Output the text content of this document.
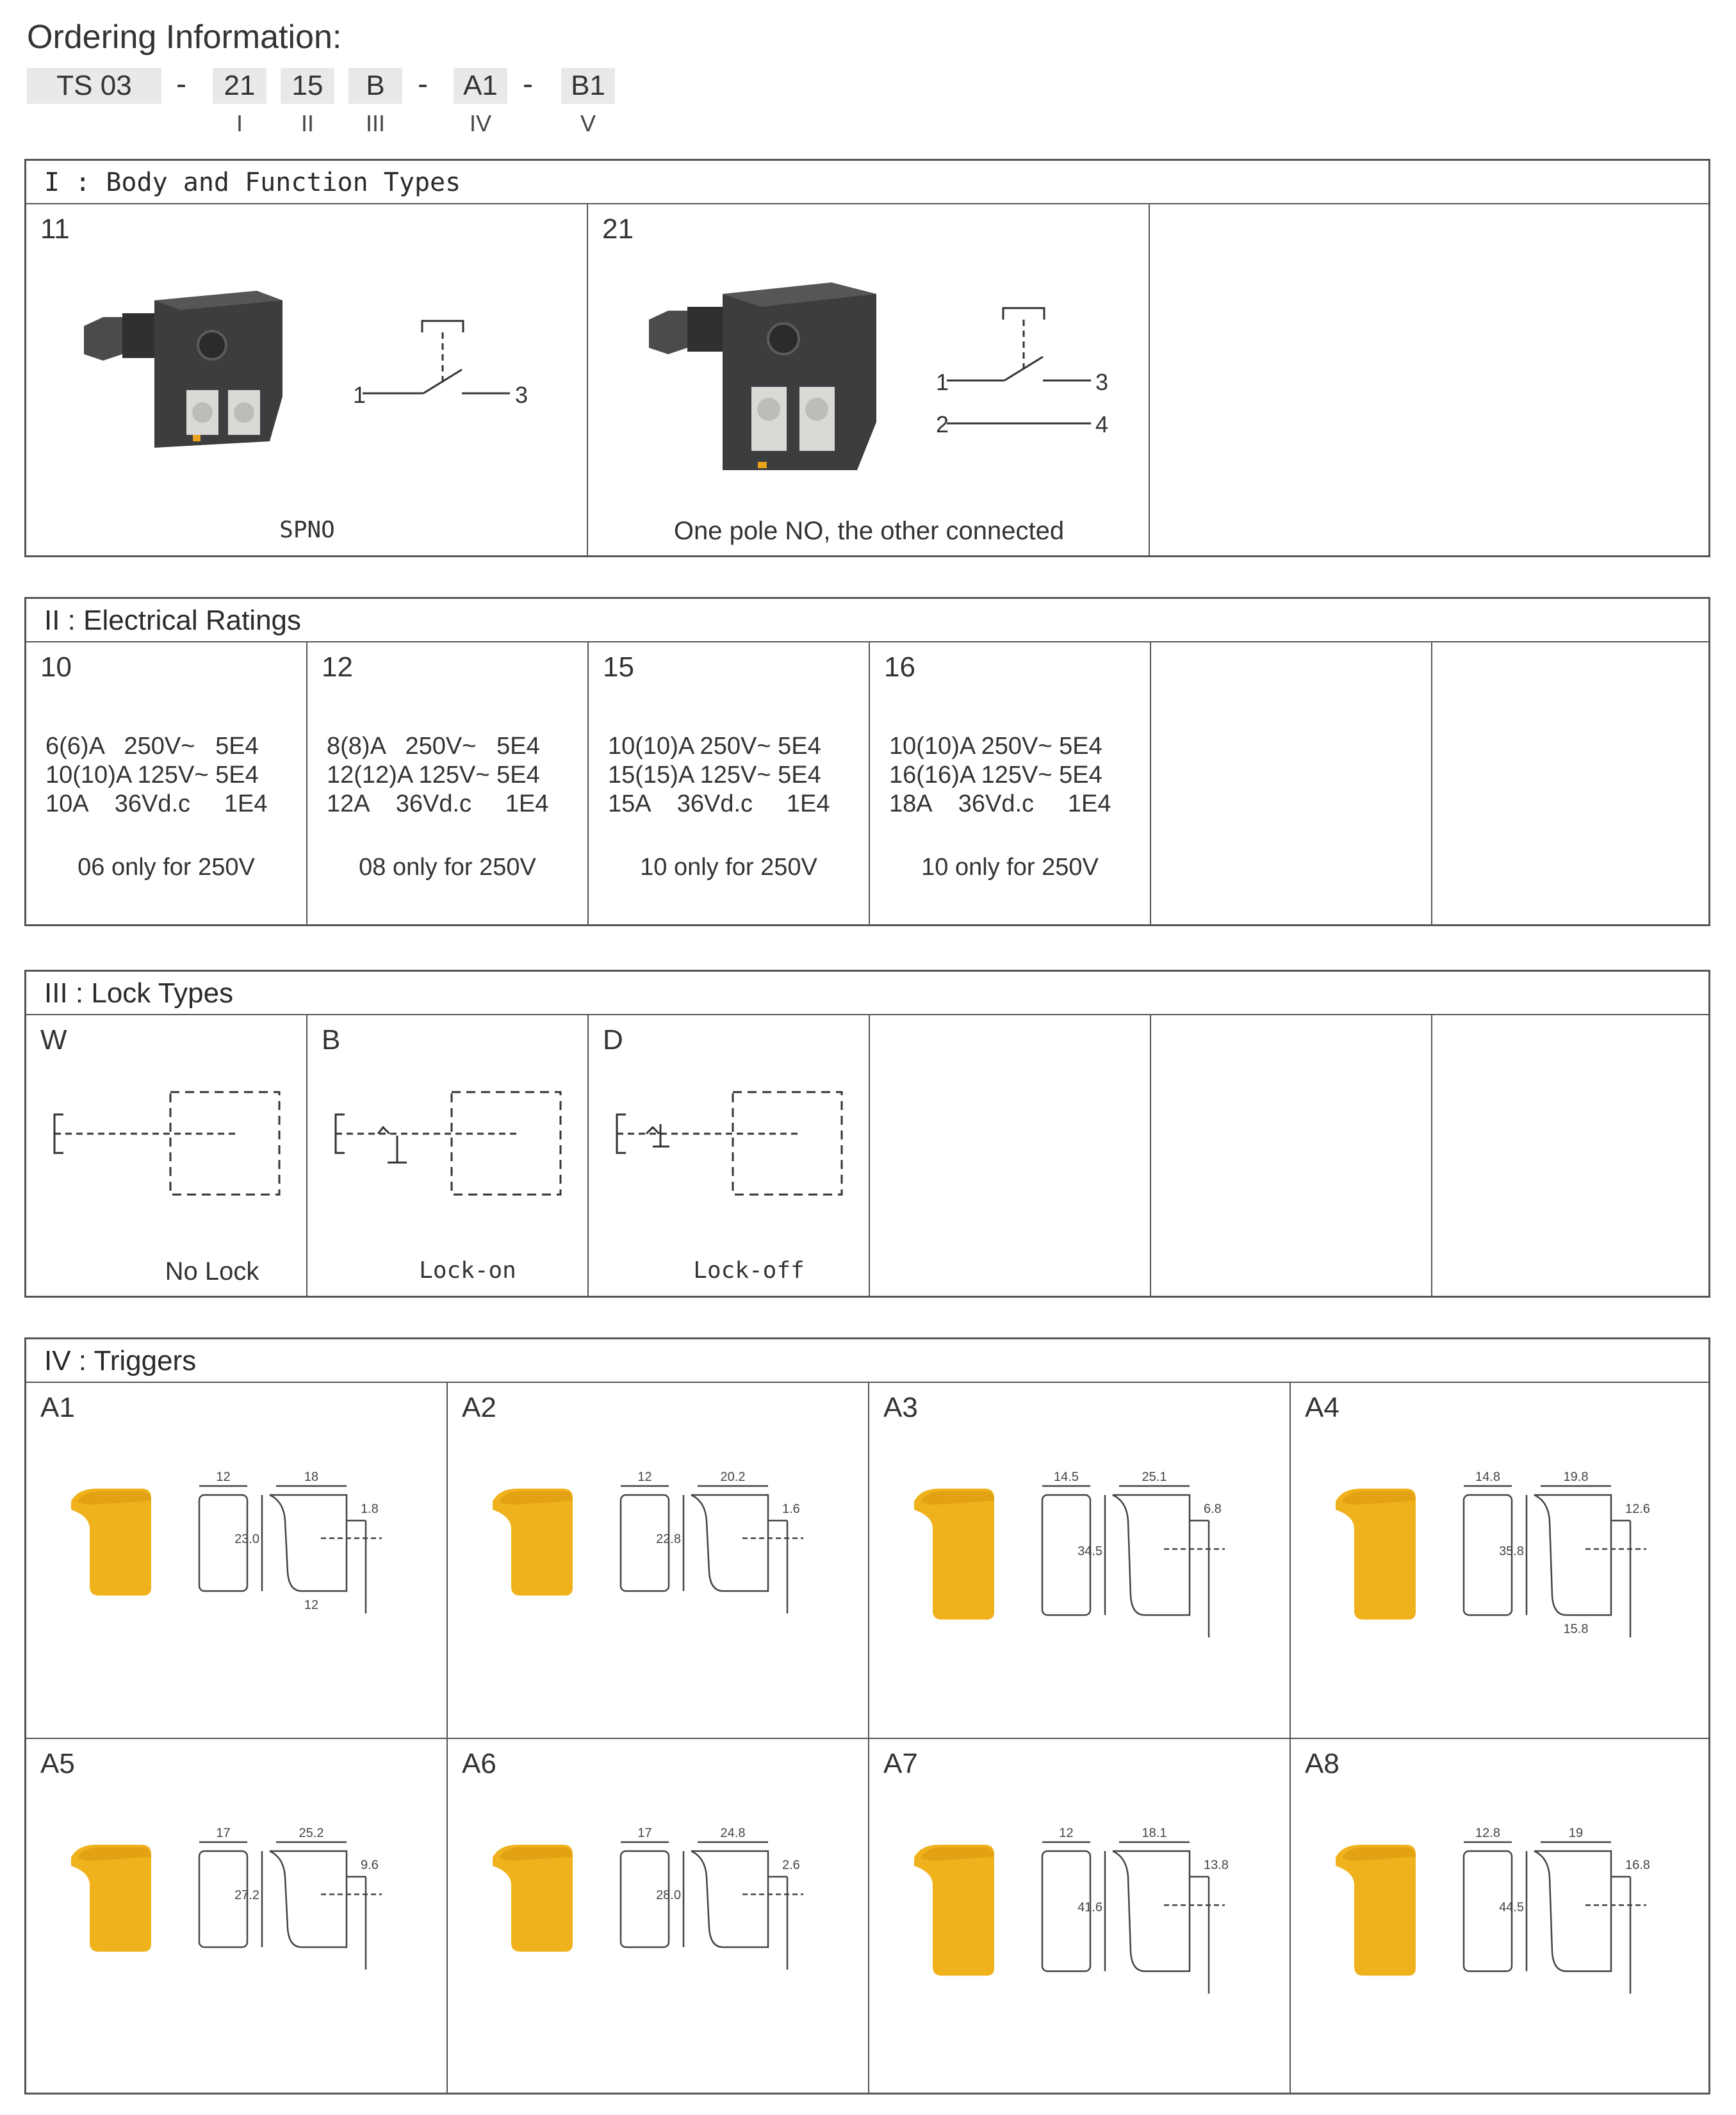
Ordering Information:
TS 03	-	21	15	B	-	A1 -	B1
I	II	III	IV	V
I : Body and Function Types
11
1	3
SPNO
21
1	3
2	4
One pole NO, the other connected
II : Electrical Ratings
10
6(6)A   250V~   5E4
10(10)A 125V~ 5E4
10A    36Vd.c     1E4
06 only for 250V
12
8(8)A   250V~   5E4
12(12)A 125V~ 5E4
12A    36Vd.c     1E4
08 only for 250V
15
10(10)A 250V~ 5E4
15(15)A 125V~ 5E4
15A    36Vd.c     1E4
10 only for 250V
16
10(10)A 250V~ 5E4
16(16)A 125V~ 5E4
18A    36Vd.c     1E4
10 only for 250V
III : Lock Types
W
No Lock
B
Lock-on
D
Lock-off
IV : Triggers
A1
12	18
1.8
23.0
12
A2
12	20.2
1.6
22.8
A3
14.5	25.1
6.8
34.5
A4
14.8	19.8
12.6
35.8
15.8
A5
17	25.2
9.6
27.2
A6
17	24.8
2.6
28.0
A7
12	18.1
13.8
41.6
A8
12.8	19
16.8
44.5
